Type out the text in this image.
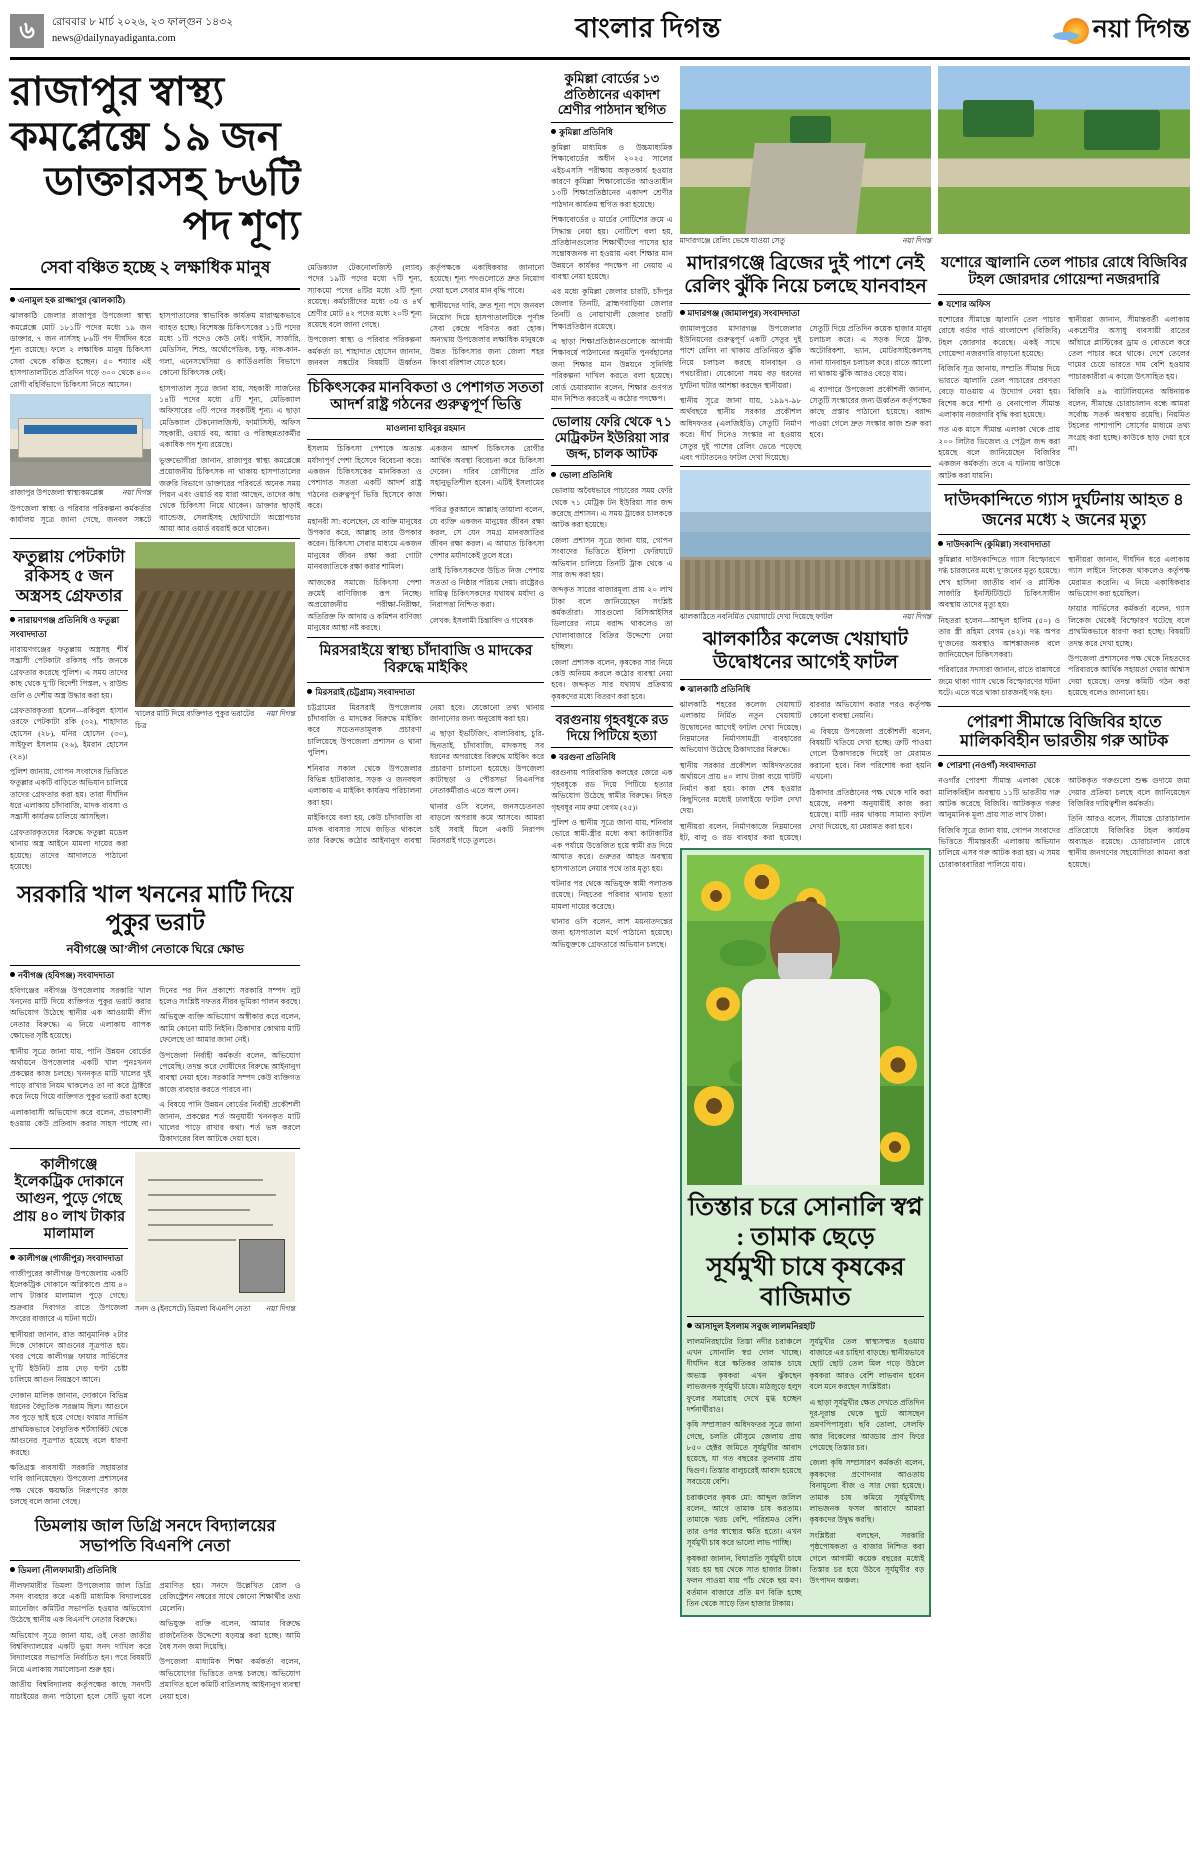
৬	রোববার ৮ মার্চ ২০২৬, ২৩ ফাল্গুন ১৪৩২
news@dailynayadiganta.com	বাংলার দিগন্ত	নয়া দিগন্ত
রাজাপুর স্বাস্থ্য কমপ্লেক্সে ১৯ জন
ডাক্তারসহ ৮৬টি পদ শূণ্য
সেবা বঞ্চিত হচ্ছে ২ লক্ষাধিক মানুষ
এনামুল হক রাজ্জাপুর (ঝালকাঠি)

ঝালকাঠি জেলার রাজাপুর উপজেলা স্বাস্থ্য কমপ্লেক্সে মোট ১৮১টি পদের মধ্যে ১৯ জন ডাক্তার, ৭ জন নার্সসহ ৮৬টি পদ দীর্ঘদিন ধরে শূন্য রয়েছে। ফলে ২ লক্ষাধিক মানুষ চিকিৎসা সেবা থেকে বঞ্চিত হচ্ছেন। ৫০ শয্যার এই হাসপাতালটিতে প্রতিদিন গড়ে ৩০০ থেকে ৪০০ রোগী বহির্বিভাগে চিকিৎসা নিতে আসেন।

নয়া দিগন্ত
রাজাপুর উপজেলা স্বাস্থ্যকমপ্লেক্স

উপজেলা স্বাস্থ্য ও পরিবার পরিকল্পনা কর্মকর্তার কার্যালয় সূত্রে জানা গেছে, জনবল সঙ্কটে হাসপাতালের স্বাভাবিক কার্যক্রম মারাত্মকভাবে ব্যাহত হচ্ছে। বিশেষজ্ঞ চিকিৎসকের ১১টি পদের মধ্যে ১টি পদেও কেউ নেই। গাইনি, সার্জারি, মেডিসিন, শিশু, অর্থোপেডিক, চক্ষু, নাক-কান-গলা, এনেসথেসিয়া ও কার্ডিওলজি বিভাগে কোনো চিকিৎসক নেই।

হাসপাতাল সূত্রে জানা যায়, সহকারী সার্জনের ১৪টি পদের মধ্যে ৫টি শূন্য, মেডিক্যাল অফিসারের ৩টি পদের সবকটিই শূন্য। এ ছাড়া মেডিক্যাল টেকনোলজিস্ট, ফার্মাসিস্ট, অফিস সহকারী, ওয়ার্ড বয়, আয়া ও পরিচ্ছন্নতাকর্মীর একাধিক পদ শূন্য রয়েছে।

ভুক্তভোগীরা জানান, রাজাপুর স্বাস্থ্য কমপ্লেক্সে প্রয়োজনীয় চিকিৎসক না থাকায় হাসপাতালের জরুরি বিভাগে ডাক্তারের পরিবর্তে অনেক সময় পিয়ন এবং ওয়ার্ড বয় যারা আছেন, তাদের কাছ থেকে চিকিৎসা নিয়ে থাকেন। ডাক্তার ছাড়াই ব্যান্ডেজ, সেলাইসহ ছোটখাটো অস্ত্রোপচার আয়া আর ওয়ার্ড বয়রাই করে থাকেন।

ফতুল্লায় পেটকাটা রকিসহ ৫ জন অস্ত্রসহ গ্রেফতার
নারায়ণগঞ্জ প্রতিনিধি ও ফতুল্লা সংবাদদাতা

নারায়ণগঞ্জের ফতুল্লায় অস্ত্রসহ শীর্ষ সন্ত্রাসী পেটকাটা রকিসহ পাঁচ জনকে গ্রেফতার করেছে পুলিশ। এ সময় তাদের কাছ থেকে দু’টি বিদেশী পিস্তল, ৭ রাউন্ড গুলি ও দেশীয় অস্ত্র উদ্ধার করা হয়।

গ্রেফতারকৃতরা হলেন—রকিবুল হাসান ওরফে পেটকাটা রকি (৩২), শাহাদাত হোসেন (২৮), মনির হোসেন (৩০), সাইফুল ইসলাম (২৬), ইমরান হোসেন (২৪)।

পুলিশ জানায়, গোপন সংবাদের ভিত্তিতে ফতুল্লার একটি বাড়িতে অভিযান চালিয়ে তাদের গ্রেফতার করা হয়। তারা দীর্ঘদিন ধরে এলাকায় চাঁদাবাজি, মাদক ব্যবসা ও সন্ত্রাসী কার্যক্রম চালিয়ে আসছিল।

গ্রেফতারকৃতদের বিরুদ্ধে ফতুল্লা মডেল থানায় অস্ত্র আইনে মামলা দায়ের করা হয়েছে। তাদের আদালতে পাঠানো হয়েছে।

নয়া দিগন্ত
খালের মাটি দিয়ে ব্যক্তিগত পুকুর ভরাটের চিত্র
সরকারি খাল খননের মাটি দিয়ে পুকুর ভরাট
নবীগঞ্জে আ’লীগ নেতাকে ঘিরে ক্ষোভ
নবীগঞ্জ (হবিগঞ্জ) সংবাদদাতা

হবিগঞ্জের নবীগঞ্জ উপজেলায় সরকারি খাল খননের মাটি দিয়ে ব্যক্তিগত পুকুর ভরাট করার অভিযোগ উঠেছে স্থানীয় এক আওয়ামী লীগ নেতার বিরুদ্ধে। এ নিয়ে এলাকায় ব্যাপক ক্ষোভের সৃষ্টি হয়েছে।

স্থানীয় সূত্রে জানা যায়, পানি উন্নয়ন বোর্ডের অর্থায়নে উপজেলার একটি খাল পুনঃখনন প্রকল্পের কাজ চলছে। খননকৃত মাটি খালের দুই পাড়ে রাখার নিয়ম থাকলেও তা না করে ট্রাক্টরে করে নিয়ে গিয়ে ব্যক্তিগত পুকুর ভরাট করা হচ্ছে।

এলাকাবাসী অভিযোগ করে বলেন, প্রভাবশালী হওয়ায় কেউ প্রতিবাদ করার সাহস পাচ্ছে না। দিনের পর দিন প্রকাশ্যে সরকারি সম্পদ লুট হলেও সংশ্লিষ্ট দফতর নীরব ভূমিকা পালন করছে।

অভিযুক্ত ব্যক্তি অভিযোগ অস্বীকার করে বলেন, আমি কোনো মাটি নিইনি। ঠিকাদার কোথায় মাটি ফেলেছে তা আমার জানা নেই।

উপজেলা নির্বাহী কর্মকর্তা বলেন, অভিযোগ পেয়েছি। তদন্ত করে দোষীদের বিরুদ্ধে আইনানুগ ব্যবস্থা নেয়া হবে। সরকারি সম্পদ কেউ ব্যক্তিগত কাজে ব্যবহার করতে পারবে না।

এ বিষয়ে পানি উন্নয়ন বোর্ডের নির্বাহী প্রকৌশলী জানান, প্রকল্পের শর্ত অনুযায়ী খননকৃত মাটি খালের পাড়ে রাখার কথা। শর্ত ভঙ্গ করলে ঠিকাদারের বিল আটকে দেয়া হবে।

কালীগঞ্জে ইলেকট্রিক দোকানে আগুন, পুড়ে গেছে প্রায় ৪০ লাখ টাকার মালামাল
কালীগঞ্জ (গাজীপুর) সংবাদদাতা

গাজীপুরের কালীগঞ্জ উপজেলায় একটি ইলেকট্রিক দোকানে অগ্নিকাণ্ডে প্রায় ৪০ লাখ টাকার মালামাল পুড়ে গেছে। শুক্রবার দিবাগত রাতে উপজেলা সদরের বাজারে এ ঘটনা ঘটে।

স্থানীয়রা জানান, রাত আনুমানিক ২টার দিকে দোকানে আগুনের সূত্রপাত হয়। খবর পেয়ে কালীগঞ্জ ফায়ার সার্ভিসের দু’টি ইউনিট প্রায় দেড় ঘণ্টা চেষ্টা চালিয়ে আগুন নিয়ন্ত্রণে আনে।

দোকান মালিক জানান, দোকানে বিভিন্ন ধরনের বৈদ্যুতিক সরঞ্জাম ছিল। আগুনে সব পুড়ে ছাই হয়ে গেছে। ফায়ার সার্ভিস প্রাথমিকভাবে বৈদ্যুতিক শর্টসার্কিট থেকে আগুনের সূত্রপাত হয়েছে বলে ধারণা করছে।

ক্ষতিগ্রস্ত ব্যবসায়ী সরকারি সহায়তার দাবি জানিয়েছেন। উপজেলা প্রশাসনের পক্ষ থেকে ক্ষয়ক্ষতি নিরূপণের কাজ চলছে বলে জানা গেছে।

নয়া দিগন্ত
সনদ ও (ইনসেটে) ডিমলা বিএনপি নেতা
ডিমলায় জাল ডিগ্রি সনদে বিদ্যালয়ের সভাপতি বিএনপি নেতা
ডিমলা (নীলফামারী) প্রতিনিধি

নীলফামারীর ডিমলা উপজেলায় জাল ডিগ্রি সনদ ব্যবহার করে একটি মাধ্যমিক বিদ্যালয়ের ম্যানেজিং কমিটির সভাপতি হওয়ার অভিযোগ উঠেছে স্থানীয় এক বিএনপি নেতার বিরুদ্ধে।

অভিযোগ সূত্রে জানা যায়, ওই নেতা জাতীয় বিশ্ববিদ্যালয়ের একটি ভুয়া সনদ দাখিল করে বিদ্যালয়ের সভাপতি নির্বাচিত হন। পরে বিষয়টি নিয়ে এলাকায় সমালোচনা শুরু হয়।

জাতীয় বিশ্ববিদ্যালয় কর্তৃপক্ষের কাছে সনদটি যাচাইয়ের জন্য পাঠানো হলে সেটি ভুয়া বলে প্রমাণিত হয়। সনদে উল্লেখিত রোল ও রেজিস্ট্রেশন নম্বরের সাথে কোনো শিক্ষার্থীর তথ্য মেলেনি।

অভিযুক্ত ব্যক্তি বলেন, আমার বিরুদ্ধে রাজনৈতিক উদ্দেশ্যে ষড়যন্ত্র করা হচ্ছে। আমি বৈধ সনদ জমা দিয়েছি।

উপজেলা মাধ্যমিক শিক্ষা কর্মকর্তা বলেন, অভিযোগের ভিত্তিতে তদন্ত চলছে। অভিযোগ প্রমাণিত হলে কমিটি বাতিলসহ আইনানুগ ব্যবস্থা নেয়া হবে।

মেডিক্যাল টেকনোলজিস্ট (ল্যাব) পদের ১৯টি পদের মধ্যে ৭টি শূন্য, স্যাকমো পদের ৪টির মধ্যে ২টি শূন্য রয়েছে। কর্মচারীদের মধ্যে ৩য় ও ৪র্থ শ্রেণীর মোট ৪২ পদের মধ্যে ২০টি শূন্য রয়েছে বলে জানা গেছে।

উপজেলা স্বাস্থ্য ও পরিবার পরিকল্পনা কর্মকর্তা ডা. শাহাদাত হোসেন জানান, জনবল সঙ্কটের বিষয়টি ঊর্ধ্বতন কর্তৃপক্ষকে একাধিকবার জানানো হয়েছে। শূন্য পদগুলোতে দ্রুত নিয়োগ দেয়া হলে সেবার মান বৃদ্ধি পাবে।

স্থানীয়দের দাবি, দ্রুত শূন্য পদে জনবল নিয়োগ দিয়ে হাসপাতালটিকে পূর্ণাঙ্গ সেবা কেন্দ্রে পরিণত করা হোক। অন্যথায় উপজেলার লক্ষাধিক মানুষকে উন্নত চিকিৎসার জন্য জেলা শহর কিংবা বরিশাল যেতে হবে।

চিকিৎসকের মানবিকতা ও পেশাগত সততা আদর্শ রাষ্ট্র গঠনের গুরুত্বপূর্ণ ভিত্তি
মাওলানা হাবিবুর রহমান

ইসলাম চিকিৎসা পেশাকে অত্যন্ত মর্যাদাপূর্ণ পেশা হিসেবে বিবেচনা করে। একজন চিকিৎসকের মানবিকতা ও পেশাগত সততা একটি আদর্শ রাষ্ট্র গঠনের গুরুত্বপূর্ণ ভিত্তি হিসেবে কাজ করে।

মহানবী সা: বলেছেন, যে ব্যক্তি মানুষের উপকার করে, আল্লাহ তার উপকার করেন। চিকিৎসা সেবার মাধ্যমে একজন মানুষের জীবন রক্ষা করা গোটা মানবজাতিকে রক্ষা করার শামিল।

আজকের সমাজে চিকিৎসা পেশা ক্রমেই বাণিজ্যিক রূপ নিচ্ছে। অপ্রয়োজনীয় পরীক্ষা-নিরীক্ষা, অতিরিক্ত ফি আদায় ও কমিশন বাণিজ্য মানুষের আস্থা নষ্ট করছে।

একজন আদর্শ চিকিৎসক রোগীর আর্থিক অবস্থা বিবেচনা করে চিকিৎসা দেবেন। গরিব রোগীদের প্রতি সহানুভূতিশীল হবেন। এটিই ইসলামের শিক্ষা।

পবিত্র কুরআনে আল্লাহ তায়ালা বলেন, যে ব্যক্তি একজন মানুষের জীবন রক্ষা করল, সে যেন সমগ্র মানবজাতির জীবন রক্ষা করল। এ আয়াত চিকিৎসা পেশার মর্যাদাকেই তুলে ধরে।

তাই চিকিৎসকদের উচিত নিজ পেশায় সততা ও নিষ্ঠার পরিচয় দেয়া। রাষ্ট্রেরও দায়িত্ব চিকিৎসকদের যথাযথ মর্যাদা ও নিরাপত্তা নিশ্চিত করা।

লেখক: ইসলামী চিন্তাবিদ ও গবেষক

মিরসরাইয়ে স্বাস্থ্য চাঁদাবাজি ও মাদকের বিরুদ্ধে মাইকিং
মিরসরাই (চট্টগ্রাম) সংবাদদাতা

চট্টগ্রামের মিরসরাই উপজেলায় চাঁদাবাজি ও মাদকের বিরুদ্ধে মাইকিং করে সচেতনতামূলক প্রচারণা চালিয়েছে উপজেলা প্রশাসন ও থানা পুলিশ।

শনিবার সকাল থেকে উপজেলার বিভিন্ন হাটবাজার, সড়ক ও জনবহুল এলাকায় এ মাইকিং কার্যক্রম পরিচালনা করা হয়।

মাইকিংয়ে বলা হয়, কেউ চাঁদাবাজি বা মাদক ব্যবসার সাথে জড়িত থাকলে তার বিরুদ্ধে কঠোর আইনানুগ ব্যবস্থা নেয়া হবে। যেকোনো তথ্য থানায় জানানোর জন্য অনুরোধ করা হয়।

এ ছাড়া ইভটিজিং, বাল্যবিবাহ, চুরি-ছিনতাই, চাঁদাবাজি, মাদকসহ সব ধরনের অপরাধের বিরুদ্ধে মাইকিং করে প্রচারণা চালানো হয়েছে। উপজেলা কাটাছড়া ও পৌরসভা বিএনপির নেতাকর্মীরাও এতে অংশ নেন।

থানার ওসি বলেন, জনসচেতনতা বাড়লে অপরাধ কমে আসবে। আমরা চাই সবাই মিলে একটি নিরাপদ মিরসরাই গড়ে তুলতে।

কুমিল্লা বোর্ডের ১৩ প্রতিষ্ঠানের একাদশ শ্রেণীর পাঠদান স্থগিত
কুমিল্লা প্রতিনিধি

কুমিল্লা মাধ্যমিক ও উচ্চমাধ্যমিক শিক্ষাবোর্ডের অধীন ২০২৫ সালের এইচএসসি পরীক্ষায় অকৃতকার্য হওয়ার কারণে কুমিল্লা শিক্ষাবোর্ডের আওতাধীন ১৩টি শিক্ষাপ্রতিষ্ঠানের একাদশ শ্রেণীর পাঠদান কার্যক্রম স্থগিত করা হয়েছে।

শিক্ষাবোর্ডের ৫ মার্চের নোটিশের ক্রমে এ সিদ্ধান্ত নেয়া হয়। নোটিশে বলা হয়, প্রতিষ্ঠানগুলোর শিক্ষার্থীদের পাসের হার সন্তোষজনক না হওয়ায় এবং শিক্ষার মান উন্নয়নে কার্যকর পদক্ষেপ না নেয়ায় এ ব্যবস্থা নেয়া হয়েছে।

এর মধ্যে কুমিল্লা জেলার চারটি, চাঁদপুর জেলার তিনটি, ব্রাহ্মণবাড়িয়া জেলার তিনটি ও নোয়াখালী জেলার চারটি শিক্ষাপ্রতিষ্ঠান রয়েছে।

এ ছাড়া শিক্ষাপ্রতিষ্ঠানগুলোকে আগামী শিক্ষাবর্ষে পাঠদানের অনুমতি পুনর্বহালের জন্য শিক্ষার মান উন্নয়নে সুনির্দিষ্ট পরিকল্পনা দাখিল করতে বলা হয়েছে। বোর্ড চেয়ারম্যান বলেন, শিক্ষার গুণগত মান নিশ্চিত করতেই এ কঠোর পদক্ষেপ।

ভোলায় ফেরি থেকে ৭১ মেট্রিকটন ইউরিয়া সার জব্দ, চালক আটক
ভোলা প্রতিনিধি

ভোলায় অবৈধভাবে পাচারের সময় ফেরি থেকে ৭১ মেট্রিক টন ইউরিয়া সার জব্দ করেছে প্রশাসন। এ সময় ট্রাকের চালককে আটক করা হয়েছে।

জেলা প্রশাসন সূত্রে জানা যায়, গোপন সংবাদের ভিত্তিতে ইলিশা ফেরিঘাটে অভিযান চালিয়ে তিনটি ট্রাক থেকে এ সার জব্দ করা হয়।

জব্দকৃত সারের বাজারমূল্য প্রায় ২০ লাখ টাকা বলে জানিয়েছেন সংশ্লিষ্ট কর্মকর্তারা। সারগুলো বিসিআইসির ডিলারের নামে বরাদ্দ থাকলেও তা খোলাবাজারে বিক্রির উদ্দেশ্যে নেয়া হচ্ছিল।

জেলা প্রশাসক বলেন, কৃষকের সার নিয়ে কেউ অনিয়ম করলে কঠোর ব্যবস্থা নেয়া হবে। জব্দকৃত সার যথাযথ প্রক্রিয়ায় কৃষকদের মধ্যে বিতরণ করা হবে।

বরগুনায় গৃহবধূকে রড দিয়ে পিটিয়ে হত্যা
বরগুনা প্রতিনিধি

বরগুনায় পারিবারিক কলহের জেরে এক গৃহবধূকে রড দিয়ে পিটিয়ে হত্যার অভিযোগ উঠেছে স্বামীর বিরুদ্ধে। নিহত গৃহবধূর নাম রুমা বেগম (২৫)।

পুলিশ ও স্থানীয় সূত্রে জানা যায়, শনিবার ভোরে স্বামী-স্ত্রীর মধ্যে কথা কাটাকাটির এক পর্যায়ে উত্তেজিত হয়ে স্বামী রড দিয়ে আঘাত করে। গুরুতর আহত অবস্থায় হাসপাতালে নেয়ার পথে তার মৃত্যু হয়।

ঘটনার পর থেকে অভিযুক্ত স্বামী পলাতক রয়েছে। নিহতের পরিবার থানায় হত্যা মামলা দায়ের করেছে।

থানার ওসি বলেন, লাশ ময়নাতদন্তের জন্য হাসপাতাল মর্গে পাঠানো হয়েছে। অভিযুক্তকে গ্রেফতারে অভিযান চলছে।

নয়া দিগন্ত
মাদারগঞ্জে রেলিং ভেঙ্গে যাওয়া সেতু
মাদারগঞ্জে ব্রিজের দুই পাশে নেই রেলিং ঝুঁকি নিয়ে চলছে যানবাহন
মাদারগঞ্জ (জামালপুর) সংবাদদাতা

জামালপুরের মাদারগঞ্জ উপজেলার ইউনিয়নের গুরুত্বপূর্ণ একটি সেতুর দুই পাশে রেলিং না থাকায় প্রতিনিয়ত ঝুঁকি নিয়ে চলাচল করছে যানবাহন ও পথচারীরা। যেকোনো সময় বড় ধরনের দুর্ঘটনা ঘটার আশঙ্কা করছেন স্থানীয়রা।

স্থানীয় সূত্রে জানা যায়, ১৯৯৭-৯৮ অর্থবছরে স্থানীয় সরকার প্রকৌশল অধিদফতর (এলজিইডি) সেতুটি নির্মাণ করে। দীর্ঘ দিনেও সংস্কার না হওয়ায় সেতুর দুই পাশের রেলিং ভেঙে পড়েছে এবং পাটাতনেও ফাটল দেখা দিয়েছে।

সেতুটি দিয়ে প্রতিদিন কয়েক হাজার মানুষ চলাচল করে। এ সড়ক দিয়ে ট্রাক, অটোরিকশা, ভ্যান, মোটরসাইকেলসহ নানা যানবাহন চলাচল করে। রাতে আলো না থাকায় ঝুঁকি আরও বেড়ে যায়।

এ ব্যাপারে উপজেলা প্রকৌশলী জানান, সেতুটি সংস্কারের জন্য ঊর্ধ্বতন কর্তৃপক্ষের কাছে প্রস্তাব পাঠানো হয়েছে। বরাদ্দ পাওয়া গেলে দ্রুত সংস্কার কাজ শুরু করা হবে।

নয়া দিগন্ত
ঝালকাঠিতে নবনির্মিত খেয়াঘাটে দেখা দিয়েছে ফাটল
ঝালকাঠির কলেজ খেয়াঘাট উদ্বোধনের আগেই ফাটল
ঝালকাঠি প্রতিনিধি

ঝালকাঠি শহরের কলেজ খেয়াঘাট এলাকায় নির্মিত নতুন খেয়াঘাট উদ্বোধনের আগেই ফাটল দেখা দিয়েছে। নিম্নমানের নির্মাণসামগ্রী ব্যবহারের অভিযোগ উঠেছে ঠিকাদারের বিরুদ্ধে।

স্থানীয় সরকার প্রকৌশল অধিদফতরের অর্থায়নে প্রায় ৪০ লাখ টাকা ব্যয়ে ঘাটটি নির্মাণ করা হয়। কাজ শেষ হওয়ার কিছুদিনের মধ্যেই ঢালাইয়ে ফাটল দেখা দেয়।

স্থানীয়রা বলেন, নির্মাণকাজে নিম্নমানের ইট, বালু ও রড ব্যবহার করা হয়েছে। বারবার অভিযোগ করার পরও কর্তৃপক্ষ কোনো ব্যবস্থা নেয়নি।

এ বিষয়ে উপজেলা প্রকৌশলী বলেন, বিষয়টি খতিয়ে দেখা হচ্ছে। ত্রুটি পাওয়া গেলে ঠিকাদারকে দিয়েই তা মেরামত করানো হবে। বিল পরিশোধ করা হয়নি এখনো।

ঠিকাদার প্রতিষ্ঠানের পক্ষ থেকে দাবি করা হয়েছে, নকশা অনুযায়ীই কাজ করা হয়েছে। মাটি নরম থাকায় সামান্য ফাটল দেখা দিয়েছে, যা মেরামত করা হবে।

তিস্তার চরে সোনালি স্বপ্ন : তামাক ছেড়ে
সূর্যমুখী চাষে কৃষকের বাজিমাত
আসাদুল ইসলাম সবুজ লালমনিরহাট

লালমনিরহাটের তিস্তা নদীর চরাঞ্চলে এখন সোনালি স্বপ্ন দোল খাচ্ছে। দীর্ঘদিন ধরে ক্ষতিকর তামাক চাষে অভ্যস্ত কৃষকরা এখন ঝুঁকছেন লাভজনক সূর্যমুখী চাষে। মাঠজুড়ে হলুদ ফুলের সমারোহ দেখে মুগ্ধ হচ্ছেন দর্শনার্থীরাও।

কৃষি সম্প্রসারণ অধিদফতর সূত্রে জানা গেছে, চলতি মৌসুমে জেলায় প্রায় ৮৫০ হেক্টর জমিতে সূর্যমুখীর আবাদ হয়েছে, যা গত বছরের তুলনায় প্রায় দ্বিগুণ। তিস্তার বালুচরেই আবাদ হয়েছে সবচেয়ে বেশি।

চরাঞ্চলের কৃষক মো: আব্দুল জলিল বলেন, আগে তামাক চাষ করতাম। তামাকে খরচ বেশি, পরিশ্রমও বেশি। তার ওপর স্বাস্থ্যের ক্ষতি হতো। এখন সূর্যমুখী চাষ করে ভালো লাভ পাচ্ছি।

কৃষকরা জানান, বিঘাপ্রতি সূর্যমুখী চাষে খরচ হয় ছয় থেকে সাত হাজার টাকা। ফলন পাওয়া যায় পাঁচ থেকে ছয় মণ। বর্তমান বাজারে প্রতি মণ বিক্রি হচ্ছে তিন থেকে সাড়ে তিন হাজার টাকায়।

সূর্যমুখীর তেল স্বাস্থ্যসম্মত হওয়ায় বাজারে এর চাহিদা বাড়ছে। স্থানীয়ভাবে ছোট ছোট তেল মিল গড়ে উঠলে কৃষকরা আরও বেশি লাভবান হবেন বলে মনে করছেন সংশ্লিষ্টরা।

এ ছাড়া সূর্যমুখীর ক্ষেত দেখতে প্রতিদিন দূর-দূরান্ত থেকে ছুটে আসছেন ভ্রমণপিপাসুরা। ছবি তোলা, সেলফি আর বিকেলের আড্ডায় প্রাণ ফিরে পেয়েছে তিস্তার চর।

জেলা কৃষি সম্প্রসারণ কর্মকর্তা বলেন, কৃষকদের প্রণোদনার আওতায় বিনামূল্যে বীজ ও সার দেয়া হয়েছে। তামাক চাষ কমিয়ে সূর্যমুখীসহ লাভজনক ফসল আবাদে আমরা কৃষকদের উদ্বুদ্ধ করছি।

সংশ্লিষ্টরা বলছেন, সরকারি পৃষ্ঠপোষকতা ও বাজার নিশ্চিত করা গেলে আগামী কয়েক বছরের মধ্যেই তিস্তার চর হয়ে উঠবে সূর্যমুখীর বড় উৎপাদন অঞ্চল।

যশোরে জ্বালানি তেল পাচার রোধে বিজিবির টহল জোরদার গোয়েন্দা নজরদারি
যশোর অফিস

যশোরের সীমান্তে জ্বালানি তেল পাচার রোধে বর্ডার গার্ড বাংলাদেশ (বিজিবি) টহল জোরদার করেছে। একই সাথে গোয়েন্দা নজরদারি বাড়ানো হয়েছে।

বিজিবি সূত্র জানায়, সম্প্রতি সীমান্ত দিয়ে ভারতে জ্বালানি তেল পাচারের প্রবণতা বেড়ে যাওয়ায় এ উদ্যোগ নেয়া হয়। বিশেষ করে শার্শা ও বেনাপোল সীমান্ত এলাকায় নজরদারি বৃদ্ধি করা হয়েছে।

গত এক মাসে সীমান্ত এলাকা থেকে প্রায় ২০০ লিটার ডিজেল ও পেট্রল জব্দ করা হয়েছে বলে জানিয়েছেন বিজিবির একজন কর্মকর্তা। তবে এ ঘটনায় কাউকে আটক করা যায়নি।

স্থানীয়রা জানান, সীমান্তবর্তী এলাকায় একশ্রেণীর অসাধু ব্যবসায়ী রাতের আঁধারে প্লাস্টিকের ড্রাম ও বোতলে করে তেল পাচার করে থাকে। দেশে তেলের দামের চেয়ে ভারতে দাম বেশি হওয়ায় পাচারকারীরা এ কাজে উৎসাহিত হয়।

বিজিবি ৪৯ ব্যাটালিয়নের অধিনায়ক বলেন, সীমান্তে চোরাচালান বন্ধে আমরা সর্বোচ্চ সতর্ক অবস্থায় রয়েছি। নিয়মিত টহলের পাশাপাশি সোর্সের মাধ্যমে তথ্য সংগ্রহ করা হচ্ছে। কাউকে ছাড় দেয়া হবে না।

দাউদকান্দিতে গ্যাস দুর্ঘটনায় আহত ৪ জনের মধ্যে ২ জনের মৃত্যু
দাউদকান্দি (কুমিল্লা) সংবাদদাতা

কুমিল্লার দাউদকান্দিতে গ্যাস বিস্ফোরণে দগ্ধ চারজনের মধ্যে দু’জনের মৃত্যু হয়েছে। শেখ হাসিনা জাতীয় বার্ন ও প্লাস্টিক সার্জারি ইনস্টিটিউটে চিকিৎসাধীন অবস্থায় তাদের মৃত্যু হয়।

নিহতরা হলেন—আব্দুল হালিম (৫০) ও তার স্ত্রী রহিমা বেগম (৪২)। দগ্ধ অপর দু’জনের অবস্থাও আশঙ্কাজনক বলে জানিয়েছেন চিকিৎসকরা।

পরিবারের সদস্যরা জানান, রাতে রান্নাঘরে জমে থাকা গ্যাস থেকে বিস্ফোরণের ঘটনা ঘটে। এতে ঘরে থাকা চারজনই দগ্ধ হন।

স্থানীয়রা জানান, দীর্ঘদিন ধরে এলাকায় গ্যাস লাইনে লিকেজ থাকলেও কর্তৃপক্ষ মেরামত করেনি। এ নিয়ে একাধিকবার অভিযোগ করা হয়েছিল।

ফায়ার সার্ভিসের কর্মকর্তা বলেন, গ্যাস লিকেজ থেকেই বিস্ফোরণ ঘটেছে বলে প্রাথমিকভাবে ধারণা করা হচ্ছে। বিষয়টি তদন্ত করে দেখা হচ্ছে।

উপজেলা প্রশাসনের পক্ষ থেকে নিহতদের পরিবারকে আর্থিক সহায়তা দেয়ার আশ্বাস দেয়া হয়েছে। তদন্ত কমিটি গঠন করা হয়েছে বলেও জানানো হয়।

পোরশা সীমান্তে বিজিবির হাতে মালিকবিহীন ভারতীয় গরু আটক
পোরশা (নওগাঁ) সংবাদদাতা

নওগাঁর পোরশা সীমান্ত এলাকা থেকে মালিকবিহীন অবস্থায় ১১টি ভারতীয় গরু আটক করেছে বিজিবি। আটককৃত গরুর আনুমানিক মূল্য প্রায় সাত লাখ টাকা।

বিজিবি সূত্রে জানা যায়, গোপন সংবাদের ভিত্তিতে সীমান্তবর্তী এলাকায় অভিযান চালিয়ে এসব গরু আটক করা হয়। এ সময় চোরাকারবারিরা পালিয়ে যায়।

আটককৃত গরুগুলো শুল্ক গুদামে জমা দেয়ার প্রক্রিয়া চলছে বলে জানিয়েছেন বিজিবির দায়িত্বশীল কর্মকর্তা।

তিনি আরও বলেন, সীমান্তে চোরাচালান প্রতিরোধে বিজিবির টহল কার্যক্রম অব্যাহত রয়েছে। চোরাচালান রোধে স্থানীয় জনগণের সহযোগিতা কামনা করা হয়েছে।
